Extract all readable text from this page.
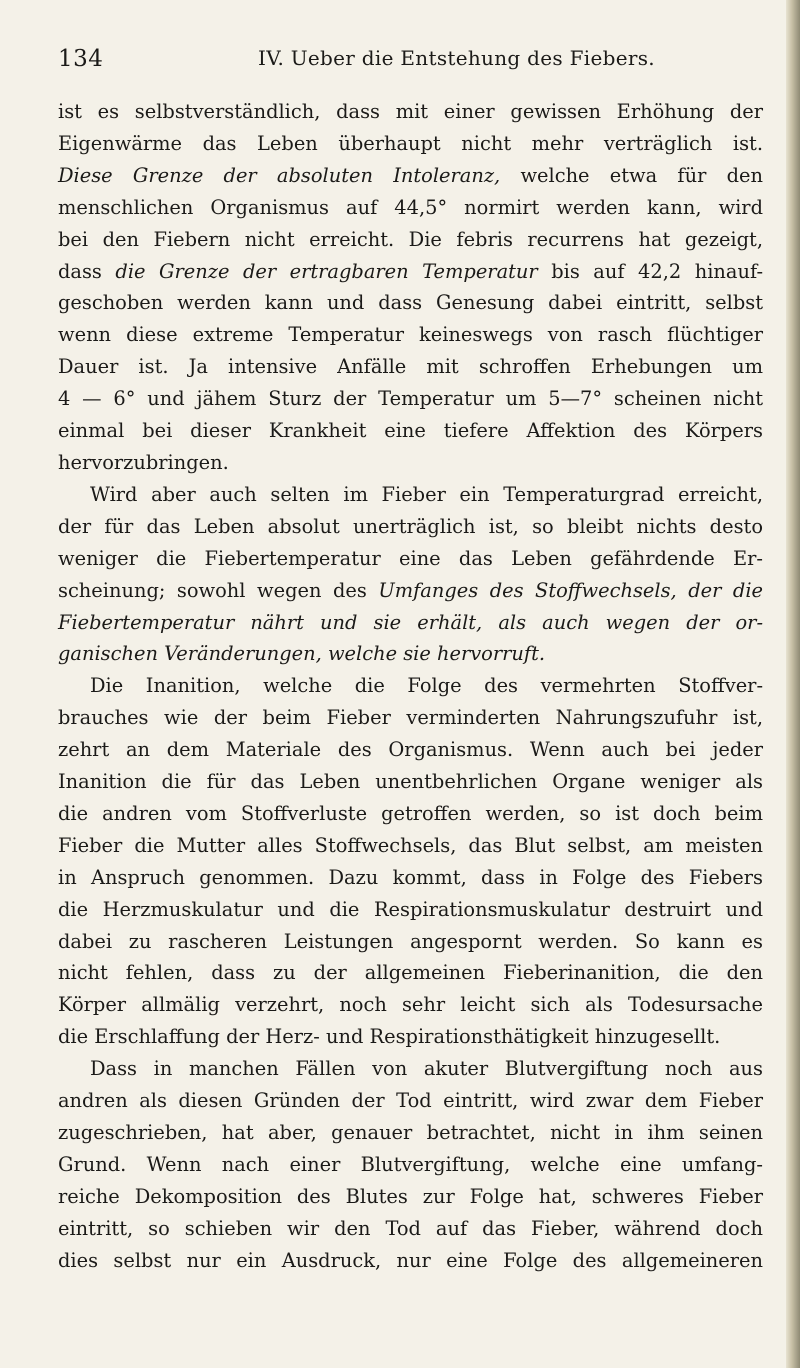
134	IV. Ueber die Entstehung des Fiebers.
ist es selbstverständlich, dass mit einer gewissen Erhöhung der
Eigenwärme das Leben überhaupt nicht mehr verträglich ist.
Diese Grenze der absoluten Intoleranz, welche etwa für den
menschlichen Organismus auf 44,5° normirt werden kann, wird
bei den Fiebern nicht erreicht. Die febris recurrens hat gezeigt,
dass die Grenze der ertragbaren Temperatur bis auf 42,2 hinauf-
geschoben werden kann und dass Genesung dabei eintritt, selbst
wenn diese extreme Temperatur keineswegs von rasch flüchtiger
Dauer ist. Ja intensive Anfälle mit schroffen Erhebungen um
4 — 6° und jähem Sturz der Temperatur um 5—7° scheinen nicht
einmal bei dieser Krankheit eine tiefere Affektion des Körpers
hervorzubringen.
Wird aber auch selten im Fieber ein Temperaturgrad erreicht,
der für das Leben absolut unerträglich ist, so bleibt nichts desto
weniger die Fiebertemperatur eine das Leben gefährdende Er-
scheinung; sowohl wegen des Umfanges des Stoffwechsels, der die
Fiebertemperatur nährt und sie erhält, als auch wegen der or-
ganischen Veränderungen, welche sie hervorruft.
Die Inanition, welche die Folge des vermehrten Stoffver-
brauches wie der beim Fieber verminderten Nahrungszufuhr ist,
zehrt an dem Materiale des Organismus. Wenn auch bei jeder
Inanition die für das Leben unentbehrlichen Organe weniger als
die andren vom Stoffverluste getroffen werden, so ist doch beim
Fieber die Mutter alles Stoffwechsels, das Blut selbst, am meisten
in Anspruch genommen. Dazu kommt, dass in Folge des Fiebers
die Herzmuskulatur und die Respirationsmuskulatur destruirt und
dabei zu rascheren Leistungen angespornt werden. So kann es
nicht fehlen, dass zu der allgemeinen Fieberinanition, die den
Körper allmälig verzehrt, noch sehr leicht sich als Todesursache
die Erschlaffung der Herz- und Respirationsthätigkeit hinzugesellt.
Dass in manchen Fällen von akuter Blutvergiftung noch aus
andren als diesen Gründen der Tod eintritt, wird zwar dem Fieber
zugeschrieben, hat aber, genauer betrachtet, nicht in ihm seinen
Grund. Wenn nach einer Blutvergiftung, welche eine umfang-
reiche Dekomposition des Blutes zur Folge hat, schweres Fieber
eintritt, so schieben wir den Tod auf das Fieber, während doch
dies selbst nur ein Ausdruck, nur eine Folge des allgemeineren
